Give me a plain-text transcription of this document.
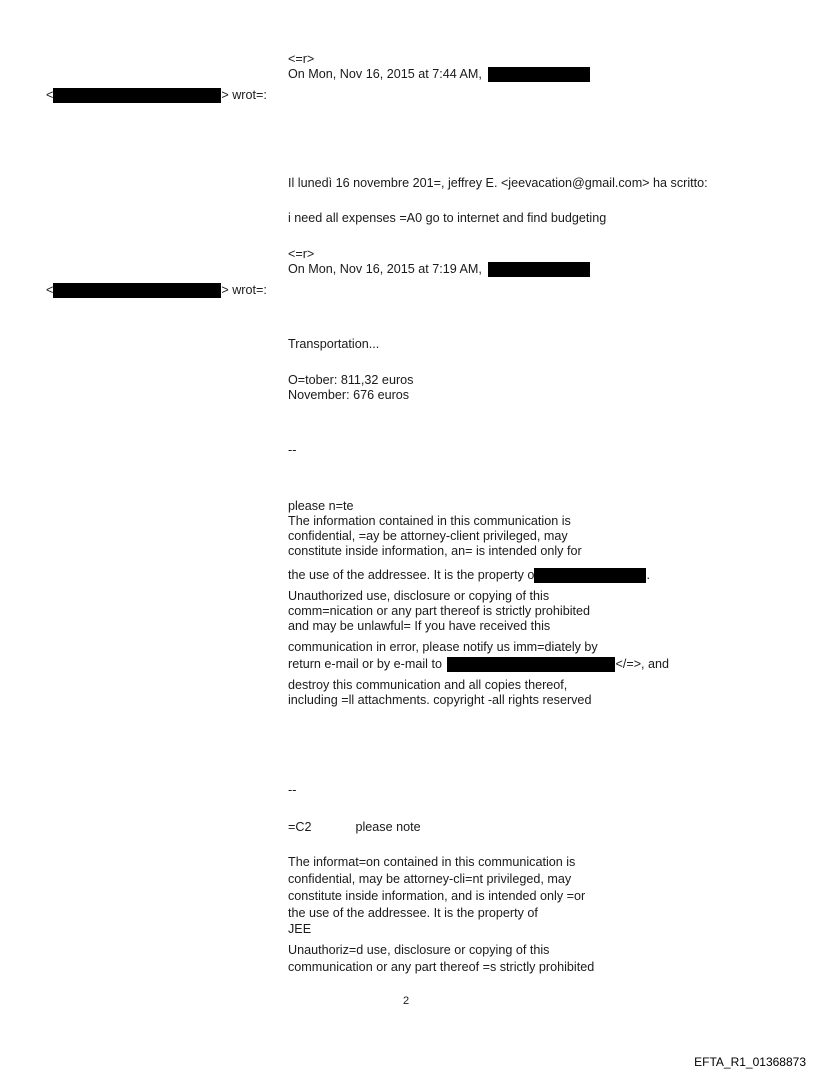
<=r>
On Mon, Nov 16, 2015 at 7:44 AM,
<	> wrot=:
Il lunedì 16 novembre 201=, jeffrey E. <jeevacation@gmail.com> ha scritto:
i need all expenses =A0 go to internet and find budgeting
<=r>
On Mon, Nov 16, 2015 at 7:19 AM,
<	> wrot=:
Transportation...
O=tober: 811,32 euros
November: 676 euros
--
please n=te
The information contained in this communication is
confidential, =ay be attorney-client privileged, may
constitute inside information, an= is intended only for
the use of the addressee. It is the property o	.
Unauthorized use, disclosure or copying of this
comm=nication or any part thereof is strictly prohibited
and may be unlawful= If you have received this
communication in error, please notify us imm=diately by
return e-mail or by e-mail to	</=>, and
destroy this communication and all copies thereof,
including =ll attachments. copyright -all rights reserved
--
=C2	please note
The informat=on contained in this communication is
confidential, may be attorney-cli=nt privileged, may
constitute inside information, and is intended only =or
the use of the addressee. It is the property of
JEE
Unauthoriz=d use, disclosure or copying of this
communication or any part thereof =s strictly prohibited
2
EFTA_R1_01368873
